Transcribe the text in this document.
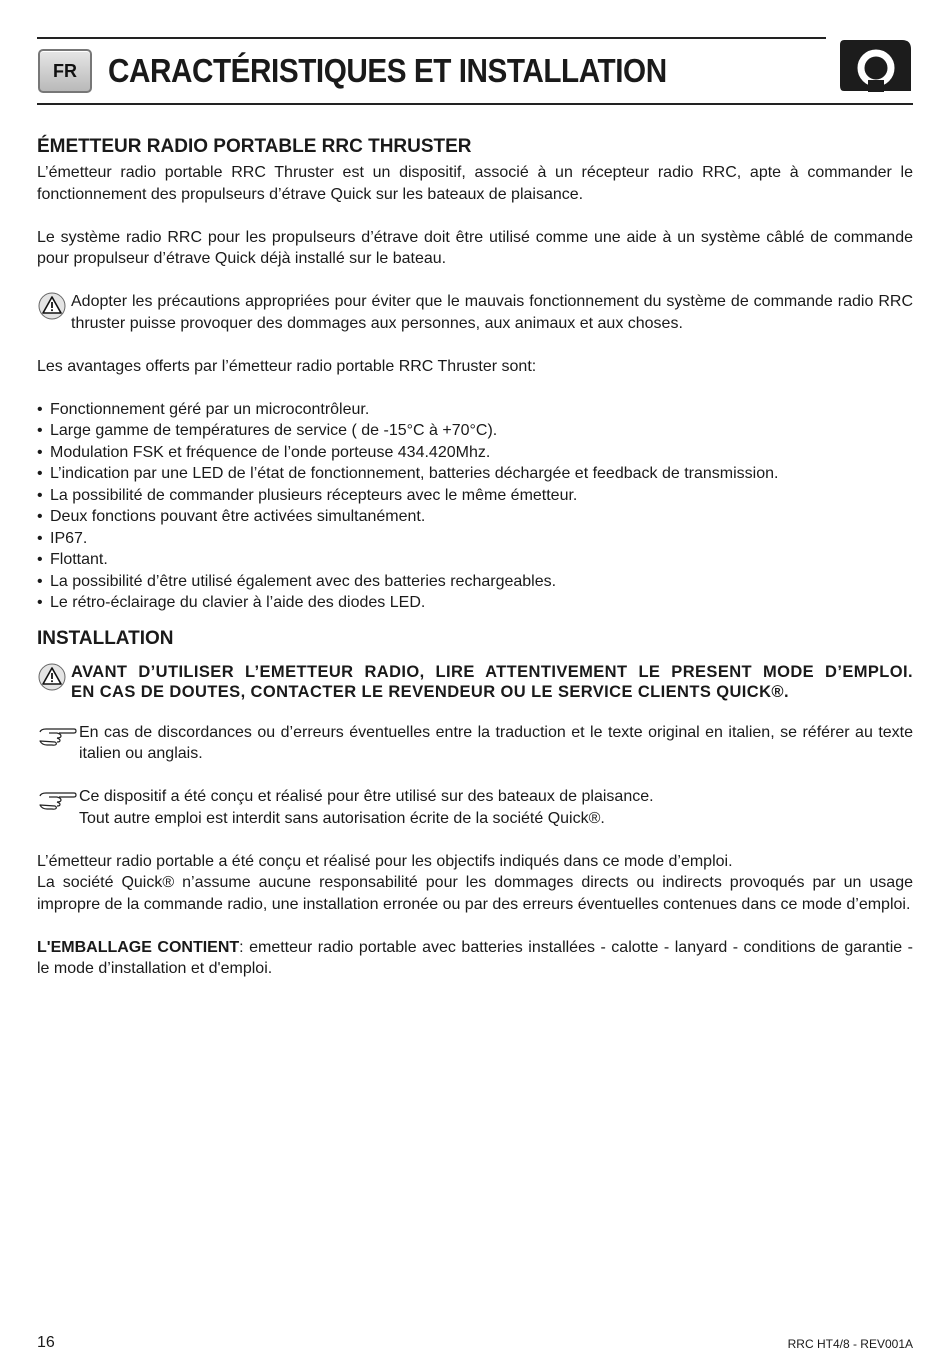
FR CARACTÉRISTIQUES ET INSTALLATION
ÉMETTEUR RADIO PORTABLE RRC THRUSTER

L’émetteur radio portable RRC Thruster est un dispositif, associé à un récepteur radio RRC, apte à commander le fonctionnement des propulseurs d’étrave Quick sur les bateaux de plaisance.

Le système radio RRC pour les propulseurs d’étrave doit être utilisé comme une aide à un système câblé de commande pour propulseur d’étrave Quick déjà installé sur le bateau.

Adopter les précautions appropriées pour éviter que le mauvais fonctionnement du système de commande radio RRC thruster puisse provoquer des dommages aux personnes, aux animaux et aux choses.

Les avantages offerts par l’émetteur radio portable RRC Thruster sont:

• Fonctionnement géré par un microcontrôleur.
• Large gamme de températures de service ( de -15°C à +70°C).
• Modulation FSK et fréquence de l’onde porteuse 434.420Mhz.
• L’indication par une LED de l’état de fonctionnement, batteries déchargée et feedback de transmission.
• La possibilité de commander plusieurs récepteurs avec le même émetteur.
• Deux fonctions pouvant être activées simultanément.
• IP67.
• Flottant.
• La possibilité d’être utilisé également avec des batteries rechargeables.
• Le rétro-éclairage du clavier à l’aide des diodes LED.
INSTALLATION
AVANT D’UTILISER L’EMETTEUR RADIO, LIRE ATTENTIVEMENT LE PRESENT MODE D’EMPLOI.
EN CAS DE DOUTES, CONTACTER LE REVENDEUR OU LE SERVICE CLIENTS QUICK®.
En cas de discordances ou d’erreurs éventuelles entre la traduction et le texte original en italien, se référer au texte italien ou anglais.
Ce dispositif a été conçu et réalisé pour être utilisé sur des bateaux de plaisance.
Tout autre emploi est interdit sans autorisation écrite de la société Quick®.

L’émetteur radio portable a été conçu et réalisé pour les objectifs indiqués dans ce mode d’emploi.

La société Quick® n’assume aucune responsabilité pour les dommages directs ou indirects provoqués par un usage impropre de la commande radio, une installation erronée ou par des erreurs éventuelles contenues dans ce mode d’emploi.

L'EMBALLAGE CONTIENT: emetteur radio portable avec batteries installées - calotte - lanyard - conditions de garantie - le mode d’installation et d'emploi.

16	RRC HT4/8 - REV001A
